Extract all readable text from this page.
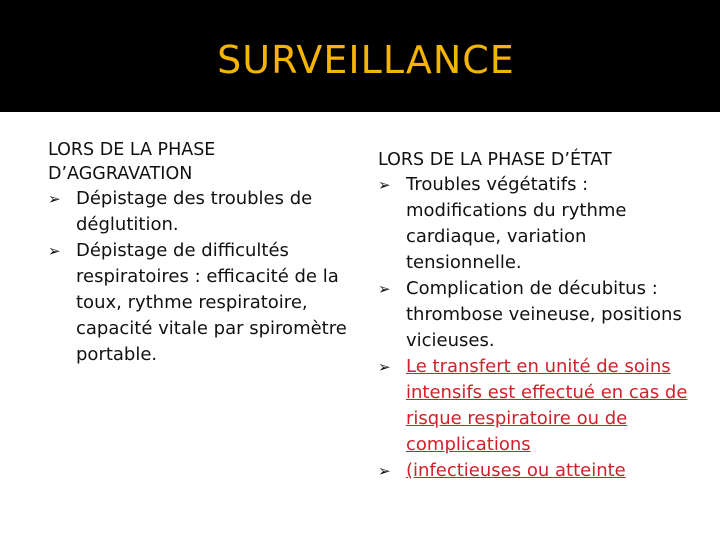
SURVEILLANCE

LORS DE LA PHASE D’AGGRAVATION

➢ Dépistage des troubles de déglutition.
➢ Dépistage de difficultés respiratoires : efficacité de la toux, rythme respiratoire, capacité vitale par spiromètre portable.

LORS DE LA PHASE D’ÉTAT

➢ Troubles végétatifs : modifications du rythme cardiaque, variation tensionnelle.
➢ Complication de décubitus : thrombose veineuse, positions vicieuses.
➢ Le transfert en unité de soins intensifs est effectué en cas de risque respiratoire ou de complications
➢ (infectieuses ou atteinte
